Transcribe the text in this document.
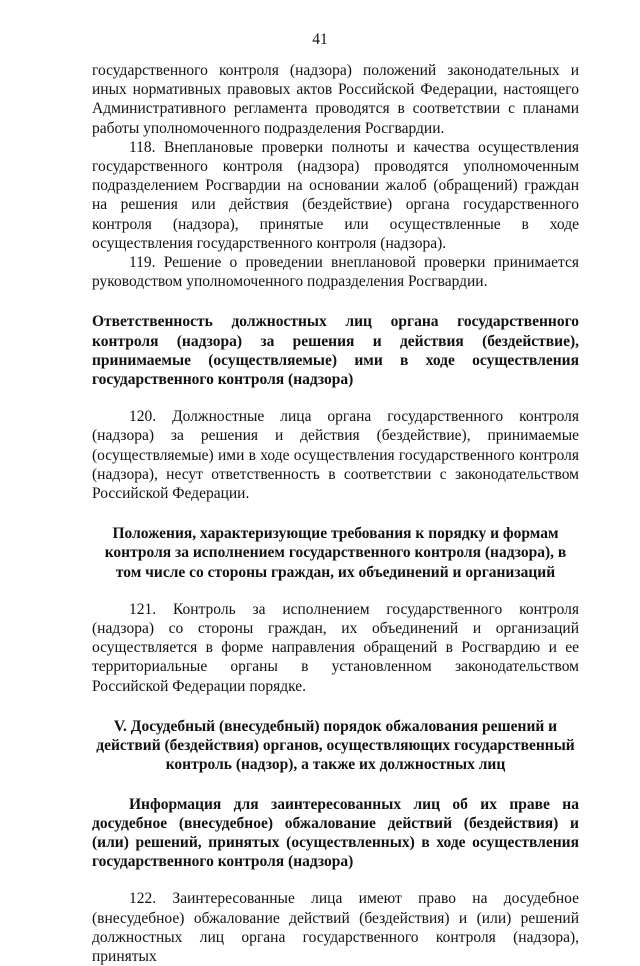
41

государственного контроля (надзора) положений законодательных и иных нормативных правовых актов Российской Федерации, настоящего Административного регламента проводятся в соответствии с планами работы уполномоченного подразделения Росгвардии.

118. Внеплановые проверки полноты и качества осуществления государственного контроля (надзора) проводятся уполномоченным подразделением Росгвардии на основании жалоб (обращений) граждан на решения или действия (бездействие) органа государственного контроля (надзора), принятые или осуществленные в ходе осуществления государственного контроля (надзора).

119. Решение о проведении внеплановой проверки принимается руководством уполномоченного подразделения Росгвардии.

Ответственность должностных лиц органа государственного контроля (надзора) за решения и действия (бездействие), принимаемые (осуществляемые) ими в ходе осуществления государственного контроля (надзора)

120. Должностные лица органа государственного контроля (надзора) за решения и действия (бездействие), принимаемые (осуществляемые) ими в ходе осуществления государственного контроля (надзора), несут ответственность в соответствии с законодательством Российской Федерации.

Положения, характеризующие требования к порядку и формам контроля за исполнением государственного контроля (надзора), в том числе со стороны граждан, их объединений и организаций

121. Контроль за исполнением государственного контроля (надзора) со стороны граждан, их объединений и организаций осуществляется в форме направления обращений в Росгвардию и ее территориальные органы в установленном законодательством Российской Федерации порядке.

V. Досудебный (внесудебный) порядок обжалования решений и действий (бездействия) органов, осуществляющих государственный контроль (надзор), а также их должностных лиц
Информация для заинтересованных лиц об их праве на досудебное (внесудебное) обжалование действий (бездействия) и (или) решений, принятых (осуществленных) в ходе осуществления государственного контроля (надзора)

122. Заинтересованные лица имеют право на досудебное (внесудебное) обжалование действий (бездействия) и (или) решений должностных лиц органа государственного контроля (надзора), принятых
